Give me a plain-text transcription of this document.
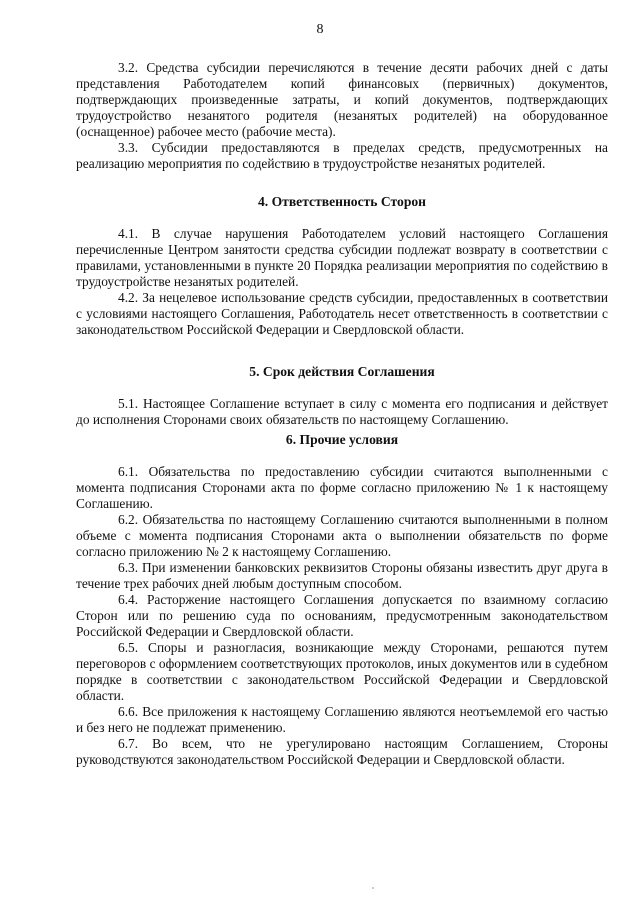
8

3.2. Средства субсидии перечисляются в течение десяти рабочих дней с даты представления Работодателем копий финансовых (первичных) документов, подтверждающих произведенные затраты, и копий документов, подтверждающих трудоустройство незанятого родителя (незанятых родителей) на оборудованное (оснащенное) рабочее место (рабочие места).

3.3. Субсидии предоставляются в пределах средств, предусмотренных на реализацию мероприятия по содействию в трудоустройстве незанятых родителей.

4. Ответственность Сторон

4.1. В случае нарушения Работодателем условий настоящего Соглашения перечисленные Центром занятости средства субсидии подлежат возврату в соответствии с правилами, установленными в пункте 20 Порядка реализации мероприятия по содействию в трудоустройстве незанятых родителей.

4.2. За нецелевое использование средств субсидии, предоставленных в соответствии с условиями настоящего Соглашения, Работодатель несет ответственность в соответствии с законодательством Российской Федерации и Свердловской области.

5. Срок действия Соглашения

5.1. Настоящее Соглашение вступает в силу с момента его подписания и действует до исполнения Сторонами своих обязательств по настоящему Соглашению.

6. Прочие условия

6.1. Обязательства по предоставлению субсидии считаются выполненными с момента подписания Сторонами акта по форме согласно приложению № 1 к настоящему Соглашению.

6.2. Обязательства по настоящему Соглашению считаются выполненными в полном объеме с момента подписания Сторонами акта о выполнении обязательств по форме согласно приложению № 2 к настоящему Соглашению.

6.3. При изменении банковских реквизитов Стороны обязаны известить друг друга в течение трех рабочих дней любым доступным способом.

6.4. Расторжение настоящего Соглашения допускается по взаимному согласию Сторон или по решению суда по основаниям, предусмотренным законодательством Российской Федерации и Свердловской области.

6.5. Споры и разногласия, возникающие между Сторонами, решаются путем переговоров с оформлением соответствующих протоколов, иных документов или в судебном порядке в соответствии с законодательством Российской Федерации и Свердловской области.

6.6. Все приложения к настоящему Соглашению являются неотъемлемой его частью и без него не подлежат применению.

6.7. Во всем, что не урегулировано настоящим Соглашением, Стороны руководствуются законодательством Российской Федерации и Свердловской области.
